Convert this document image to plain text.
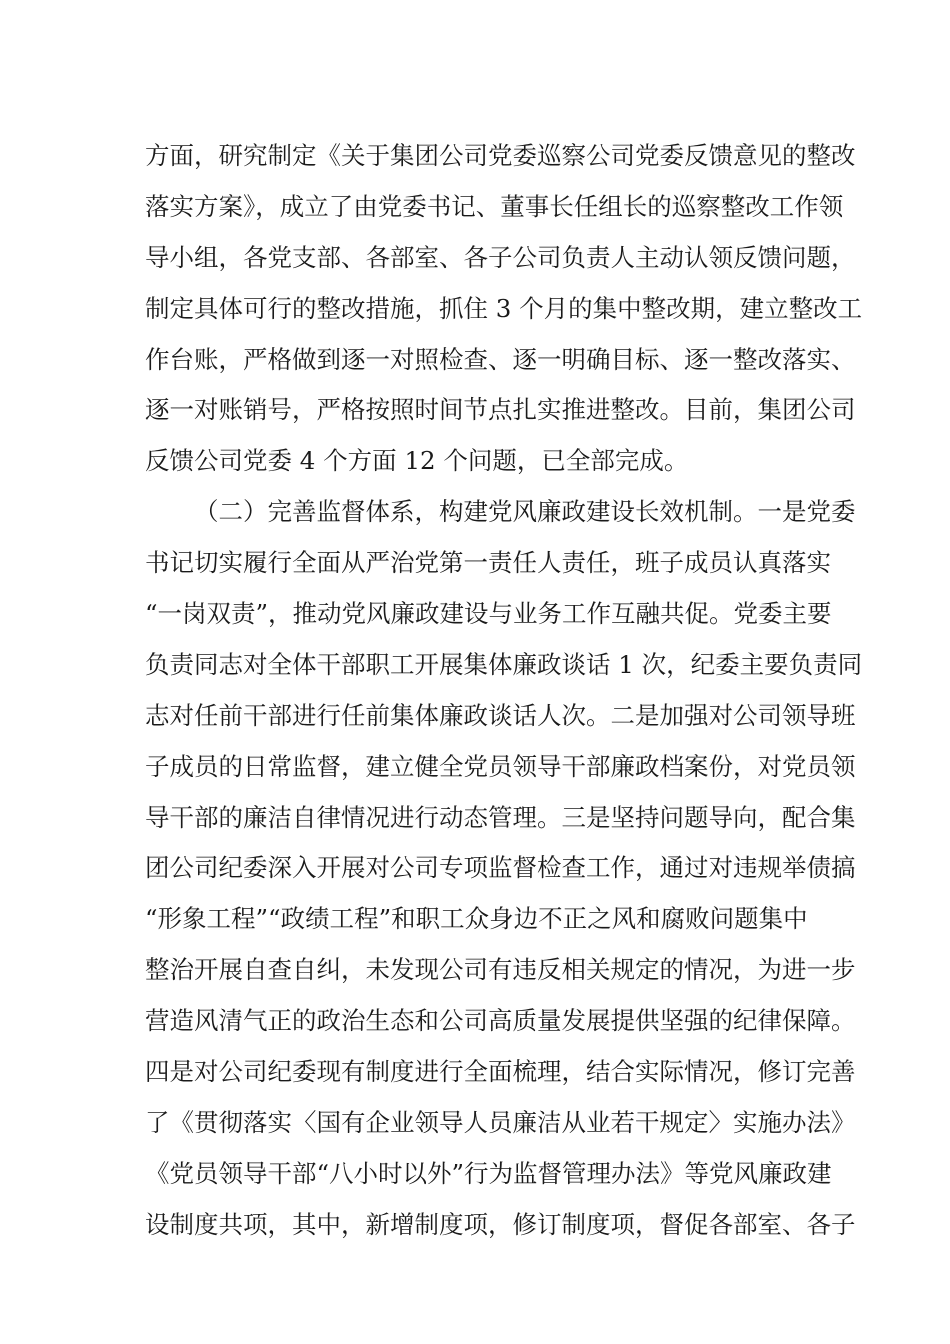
方面，研究制定《关于集团公司党委巡察公司党委反馈意见的整改
落实方案》，成立了由党委书记、董事长任组长的巡察整改工作领
导小组，各党支部、各部室、各子公司负责人主动认领反馈问题，
制定具体可行的整改措施，抓住 3 个月的集中整改期，建立整改工
作台账，严格做到逐一对照检查、逐一明确目标、逐一整改落实、
逐一对账销号，严格按照时间节点扎实推进整改。目前，集团公司
反馈公司党委 4 个方面 12 个问题，已全部完成。
（二）完善监督体系，构建党风廉政建设长效机制。一是党委
书记切实履行全面从严治党第一责任人责任，班子成员认真落实
“一岗双责”，推动党风廉政建设与业务工作互融共促。党委主要
负责同志对全体干部职工开展集体廉政谈话 1 次，纪委主要负责同
志对任前干部进行任前集体廉政谈话人次。二是加强对公司领导班
子成员的日常监督，建立健全党员领导干部廉政档案份，对党员领
导干部的廉洁自律情况进行动态管理。三是坚持问题导向，配合集
团公司纪委深入开展对公司专项监督检查工作，通过对违规举债搞
“形象工程”“政绩工程”和职工众身边不正之风和腐败问题集中
整治开展自查自纠，未发现公司有违反相关规定的情况，为进一步
营造风清气正的政治生态和公司高质量发展提供坚强的纪律保障。
四是对公司纪委现有制度进行全面梳理，结合实际情况，修订完善
了《贯彻落实〈国有企业领导人员廉洁从业若干规定〉实施办法》
《党员领导干部“八小时以外”行为监督管理办法》等党风廉政建
设制度共项，其中，新增制度项，修订制度项，督促各部室、各子
